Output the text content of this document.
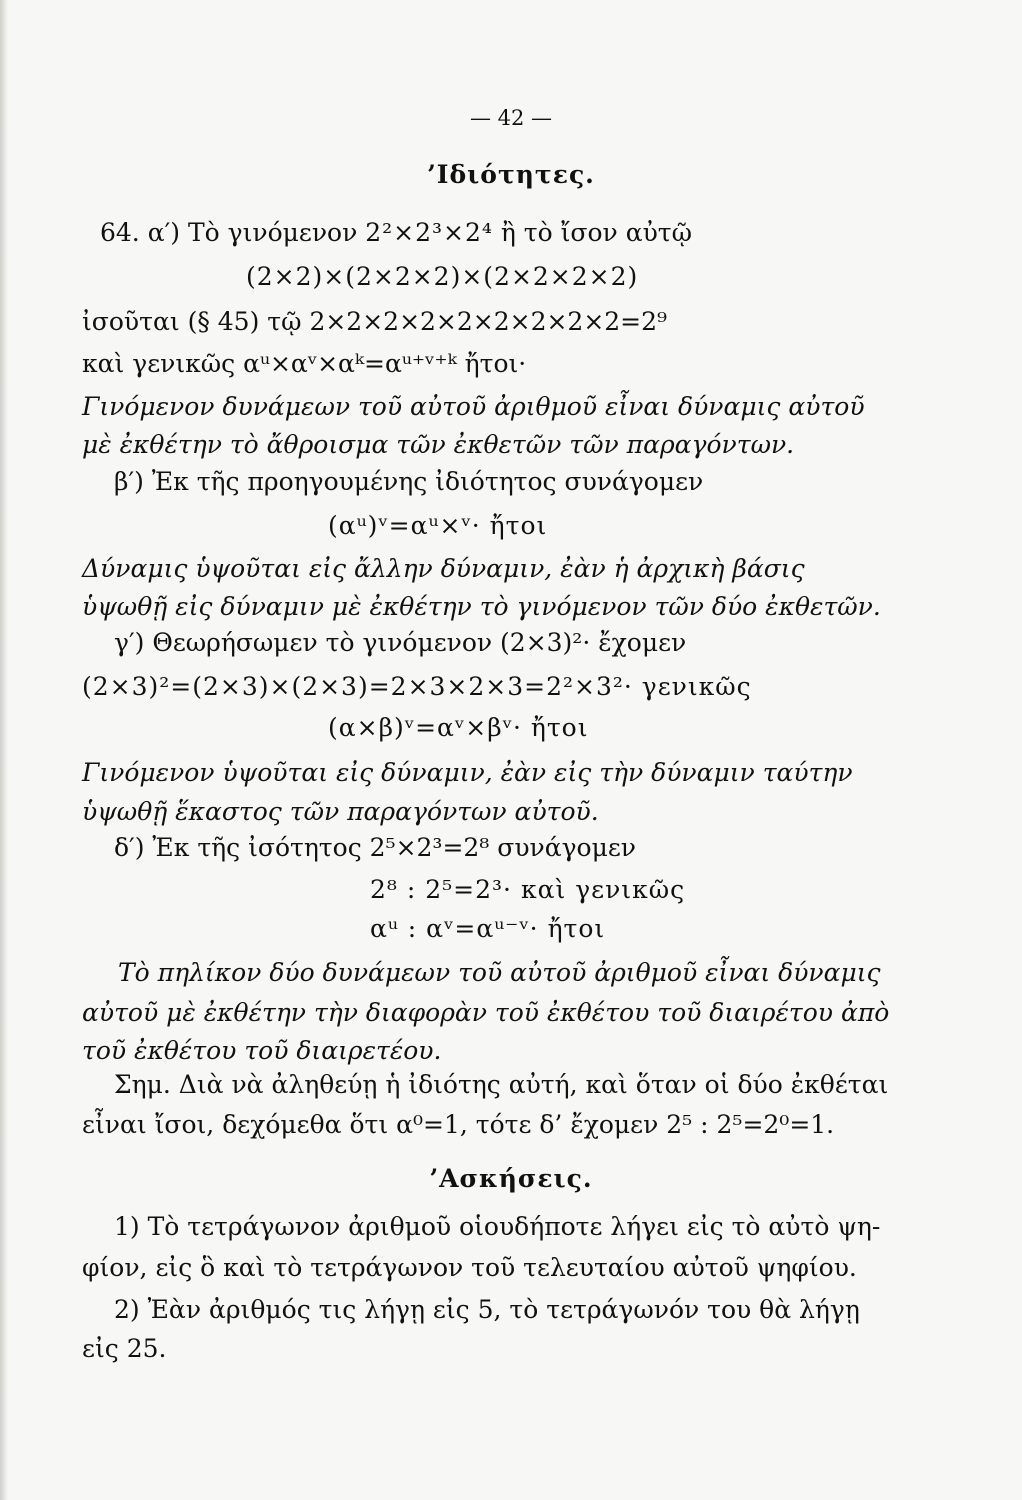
— 42 —
’Ιδιότητες.
64. α′) Τὸ γινόμενον 2²×2³×2⁴ ἢ τὸ ἴσον αὐτῷ
(2×2)×(2×2×2)×(2×2×2×2)
ἰσοῦται (§ 45) τῷ 2×2×2×2×2×2×2×2×2=2⁹
καὶ γενικῶς αᵘ×αᵛ×αᵏ=αᵘ⁺ᵛ⁺ᵏ ἤτοι·
Γινόμενον δυνάμεων τοῦ αὐτοῦ ἀριθμοῦ εἶναι δύναμις αὐτοῦ
μὲ ἐκθέτην τὸ ἄθροισμα τῶν ἐκθετῶν τῶν παραγόντων.
β′) Ἐκ τῆς προηγουμένης ἰδιότητος συνάγομεν
(αᵘ)ᵛ=αᵘ×ᵛ· ἤτοι
Δύναμις ὑψοῦται εἰς ἄλλην δύναμιν, ἐὰν ἡ ἀρχικὴ βάσις
ὑψωθῇ εἰς δύναμιν μὲ ἐκθέτην τὸ γινόμενον τῶν δύο ἐκθετῶν.
γ′) Θεωρήσωμεν τὸ γινόμενον (2×3)²· ἔχομεν
(2×3)²=(2×3)×(2×3)=2×3×2×3=2²×3²· γενικῶς
(α×β)ᵛ=αᵛ×βᵛ· ἤτοι
Γινόμενον ὑψοῦται εἰς δύναμιν, ἐὰν εἰς τὴν δύναμιν ταύτην
ὑψωθῇ ἕκαστος τῶν παραγόντων αὐτοῦ.
δ′) Ἐκ τῆς ἰσότητος 2⁵×2³=2⁸ συνάγομεν
2⁸ : 2⁵=2³· καὶ γενικῶς
αᵘ : αᵛ=αᵘ⁻ᵛ· ἤτοι
Τὸ πηλίκον δύο δυνάμεων τοῦ αὐτοῦ ἀριθμοῦ εἶναι δύναμις
αὐτοῦ μὲ ἐκθέτην τὴν διαφορὰν τοῦ ἐκθέτου τοῦ διαιρέτου ἀπὸ
τοῦ ἐκθέτου τοῦ διαιρετέου.
Σημ. Διὰ νὰ ἀληθεύῃ ἡ ἰδιότης αὐτή, καὶ ὅταν οἱ δύο ἐκθέται
εἶναι ἴσοι, δεχόμεθα ὅτι α⁰=1, τότε δ’ ἔχομεν 2⁵ : 2⁵=2⁰=1.
’Ασκήσεις.
1) Τὸ τετράγωνον ἀριθμοῦ οἱουδήποτε λήγει εἰς τὸ αὐτὸ ψη-
φίον, εἰς ὃ καὶ τὸ τετράγωνον τοῦ τελευταίου αὐτοῦ ψηφίου.
2) Ἐὰν ἀριθμός τις λήγῃ εἰς 5, τὸ τετράγωνόν του θὰ λήγῃ
εἰς 25.
